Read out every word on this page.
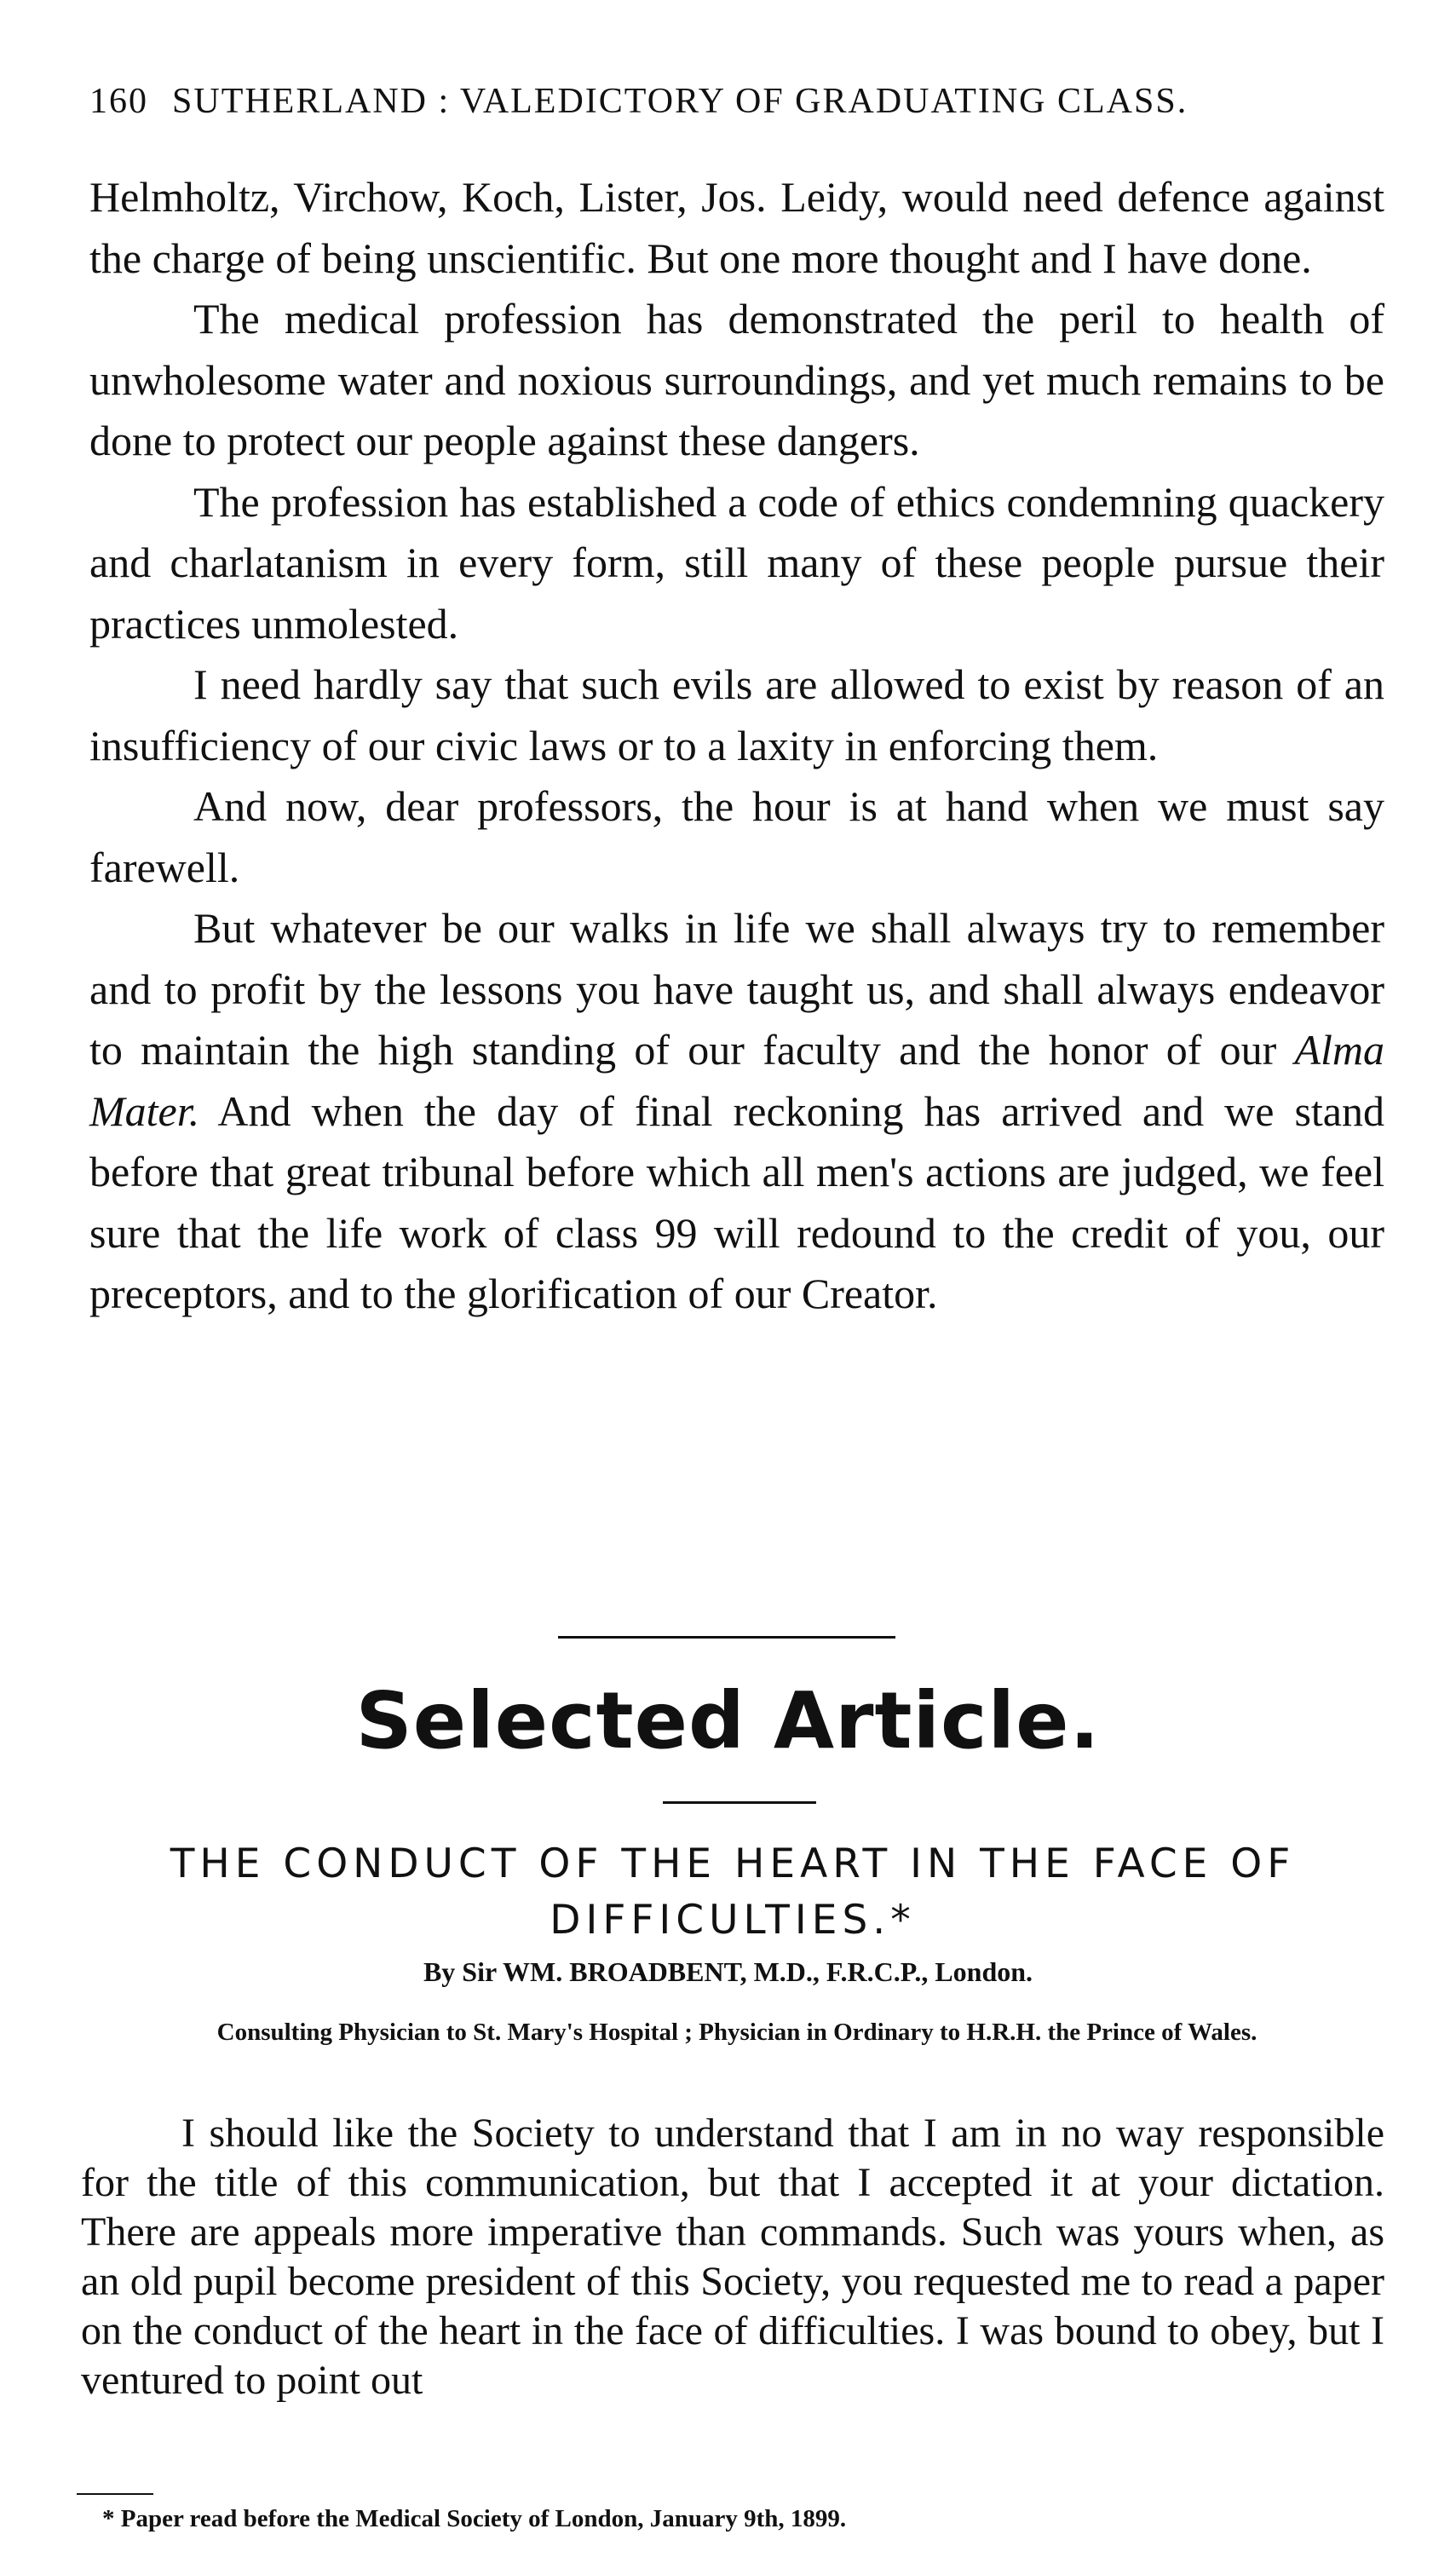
160 SUTHERLAND : VALEDICTORY OF GRADUATING CLASS.

Helmholtz, Virchow, Koch, Lister, Jos. Leidy, would need defence against the charge of being unscientific. But one more thought and I have done.

The medical profession has demonstrated the peril to health of unwholesome water and noxious surroundings, and yet much remains to be done to protect our people against these dangers.

The profession has established a code of ethics condemning quackery and charlatanism in every form, still many of these people pursue their practices unmolested.

I need hardly say that such evils are allowed to exist by reason of an insufficiency of our civic laws or to a laxity in enforcing them.

And now, dear professors, the hour is at hand when we must say farewell.

But whatever be our walks in life we shall always try to remember and to profit by the lessons you have taught us, and shall always endeavor to maintain the high standing of our faculty and the honor of our Alma Mater. And when the day of final reckoning has arrived and we stand before that great tribunal before which all men's actions are judged, we feel sure that the life work of class 99 will redound to the credit of you, our preceptors, and to the glorification of our Creator.

Selected Article.
THE CONDUCT OF THE HEART IN THE FACE OF DIFFICULTIES.*
By Sir WM. BROADBENT, M.D., F.R.C.P., London.
Consulting Physician to St. Mary's Hospital ; Physician in Ordinary to H.R.H. the Prince of Wales.

I should like the Society to understand that I am in no way responsible for the title of this communication, but that I accepted it at your dictation. There are appeals more imperative than commands. Such was yours when, as an old pupil become president of this Society, you requested me to read a paper on the conduct of the heart in the face of difficulties. I was bound to obey, but I ventured to point out

* Paper read before the Medical Society of London, January 9th, 1899.
